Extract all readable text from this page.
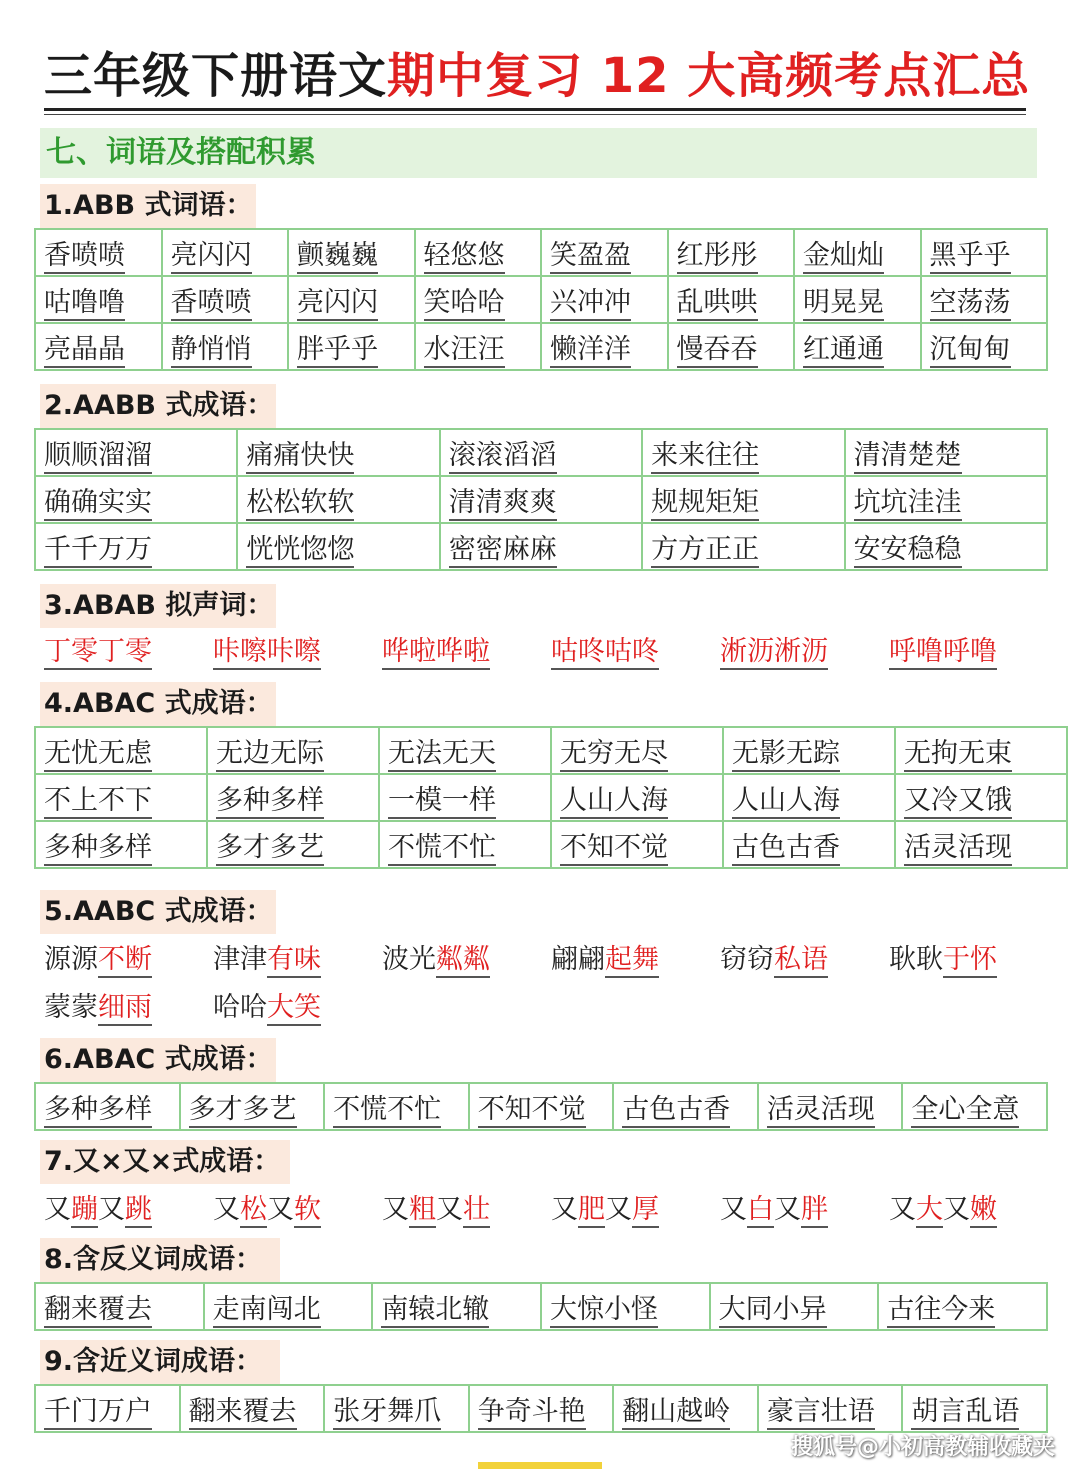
三年级下册语文期中复习 12 大高频考点汇总
七、词语及搭配积累
1.ABB 式词语：
香喷喷	亮闪闪	颤巍巍	轻悠悠	笑盈盈	红彤彤	金灿灿	黑乎乎
咕噜噜	香喷喷	亮闪闪	笑哈哈	兴冲冲	乱哄哄	明晃晃	空荡荡
亮晶晶	静悄悄	胖乎乎	水汪汪	懒洋洋	慢吞吞	红通通	沉甸甸
2.AABB 式成语：
顺顺溜溜	痛痛快快	滚滚滔滔	来来往往	清清楚楚
确确实实	松松软软	清清爽爽	规规矩矩	坑坑洼洼
千千万万	恍恍惚惚	密密麻麻	方方正正	安安稳稳
3.ABAB 拟声词：
丁零丁零 咔嚓咔嚓 哗啦哗啦 咕咚咕咚 淅沥淅沥 呼噜呼噜
4.ABAC 式成语：
无忧无虑	无边无际	无法无天	无穷无尽	无影无踪	无拘无束
不上不下	多种多样	一模一样	人山人海	人山人海	又冷又饿
多种多样	多才多艺	不慌不忙	不知不觉	古色古香	活灵活现
5.AABC 式成语：
源源不断 津津有味 波光粼粼 翩翩起舞 窃窃私语 耿耿于怀
蒙蒙细雨 哈哈大笑
6.ABAC 式成语：
多种多样	多才多艺	不慌不忙	不知不觉	古色古香	活灵活现	全心全意
7.又×又×式成语：
又蹦又跳 又松又软 又粗又壮 又肥又厚 又白又胖 又大又嫩
8.含反义词成语：
翻来覆去	走南闯北	南辕北辙	大惊小怪	大同小异	古往今来
9.含近义词成语：
千门万户	翻来覆去	张牙舞爪	争奇斗艳	翻山越岭	豪言壮语	胡言乱语
搜狐号@小初高教辅收藏夹
